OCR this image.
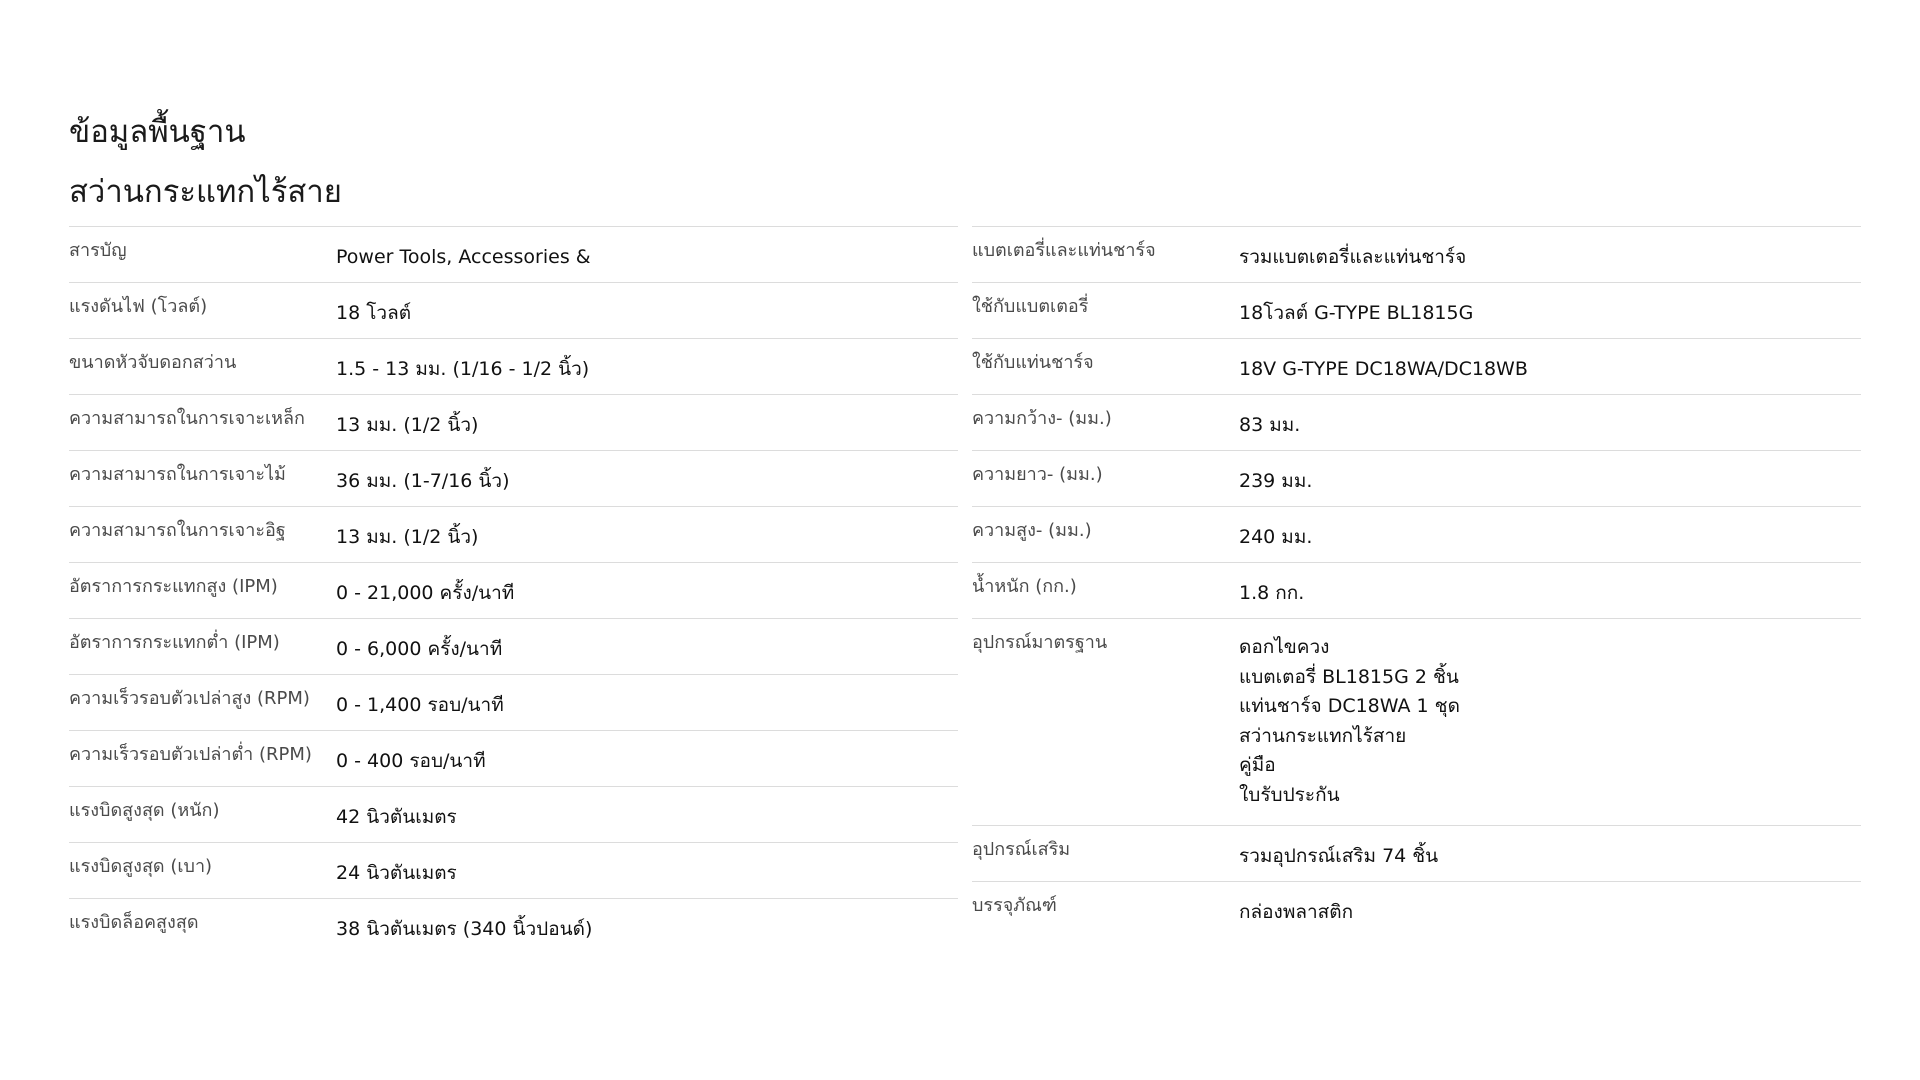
ข้อมูลพื้นฐาน
สว่านกระแทกไร้สาย
สารบัญ	Power Tools, Accessories &
แรงดันไฟ (โวลต์)	18 โวลต์
ขนาดหัวจับดอกสว่าน	1.5 - 13 มม. (1/16 - 1/2 นิ้ว)
ความสามารถในการเจาะเหล็ก	13 มม. (1/2 นิ้ว)
ความสามารถในการเจาะไม้	36 มม. (1-7/16 นิ้ว)
ความสามารถในการเจาะอิฐ	13 มม. (1/2 นิ้ว)
อัตราการกระแทกสูง (IPM)	0 - 21,000 ครั้ง/นาที
อัตราการกระแทกต่ำ (IPM)	0 - 6,000 ครั้ง/นาที
ความเร็วรอบตัวเปล่าสูง (RPM)	0 - 1,400 รอบ/นาที
ความเร็วรอบตัวเปล่าต่ำ (RPM)	0 - 400 รอบ/นาที
แรงบิดสูงสุด (หนัก)	42 นิวตันเมตร
แรงบิดสูงสุด (เบา)	24 นิวตันเมตร
แรงบิดล็อคสูงสุด	38 นิวตันเมตร (340 นิ้วปอนด์)
แบตเตอรี่และแท่นชาร์จ	รวมแบตเตอรี่และแท่นชาร์จ
ใช้กับแบตเตอรี่	18โวลต์ G-TYPE BL1815G
ใช้กับแท่นชาร์จ	18V G-TYPE DC18WA/DC18WB
ความกว้าง- (มม.)	83 มม.
ความยาว- (มม.)	239 มม.
ความสูง- (มม.)	240 มม.
น้ำหนัก (กก.)	1.8 กก.
อุปกรณ์มาตรฐาน	ดอกไขควง
แบตเตอรี่ BL1815G 2 ชิ้น
แท่นชาร์จ DC18WA 1 ชุด
สว่านกระแทกไร้สาย
คู่มือ
ใบรับประกัน
อุปกรณ์เสริม	รวมอุปกรณ์เสริม 74 ชิ้น
บรรจุภัณฑ์	กล่องพลาสติก
